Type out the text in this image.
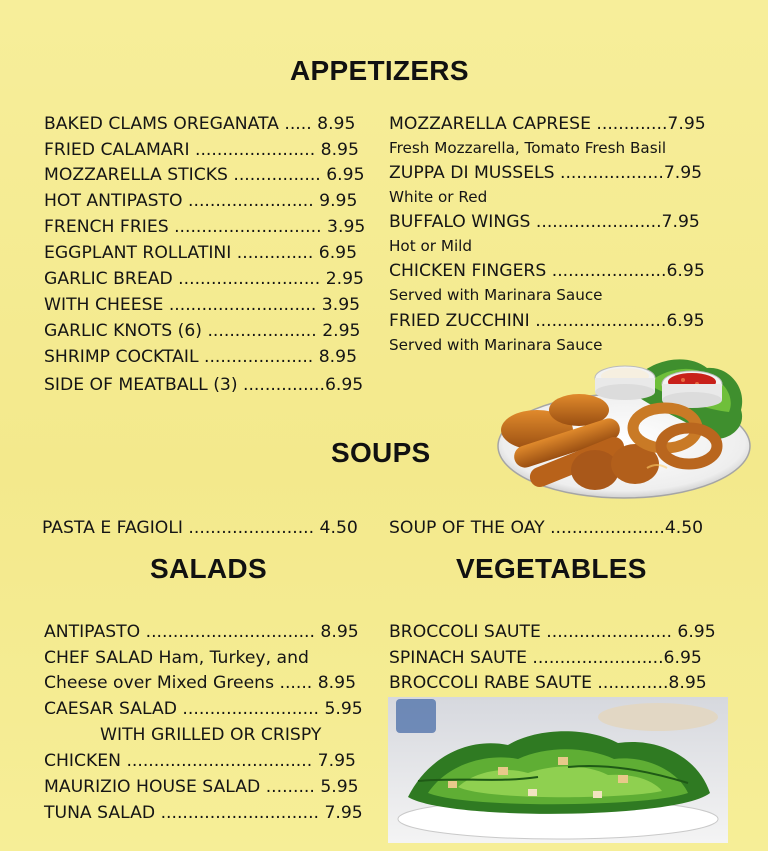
APPETIZERS
SOUPS
SALADS	VEGETABLES
BAKED CLAMS OREGANATA ..... 8.95
FRIED CALAMARI ...................... 8.95
MOZZARELLA STICKS ................ 6.95
HOT ANTIPASTO ....................... 9.95
FRENCH FRIES ........................... 3.95
EGGPLANT ROLLATINI .............. 6.95
GARLIC BREAD .......................... 2.95
WITH CHEESE ........................... 3.95
GARLIC KNOTS (6) .................... 2.95
SHRIMP COCKTAIL .................... 8.95
SIDE OF MEATBALL (3) ...............6.95
MOZZARELLA CAPRESE .............7.95
Fresh Mozzarella, Tomato Fresh Basil
ZUPPA DI MUSSELS ...................7.95
White or Red
BUFFALO WINGS .......................7.95
Hot or Mild
CHICKEN FINGERS .....................6.95
Served with Marinara Sauce
FRIED ZUCCHINI ........................6.95
Served with Marinara Sauce
PASTA E FAGIOLI ....................... 4.50 SOUP OF THE OAY .....................4.50
ANTIPASTO ............................... 8.95
CHEF SALAD Ham, Turkey, and
Cheese over Mixed Greens ...... 8.95
CAESAR SALAD ......................... 5.95
WITH GRILLED OR CRISPY
CHICKEN .................................. 7.95
MAURIZIO HOUSE SALAD ......... 5.95
TUNA SALAD ............................. 7.95
BROCCOLI SAUTE ....................... 6.95
SPINACH SAUTE ........................6.95
BROCCOLI RABE SAUTE .............8.95
